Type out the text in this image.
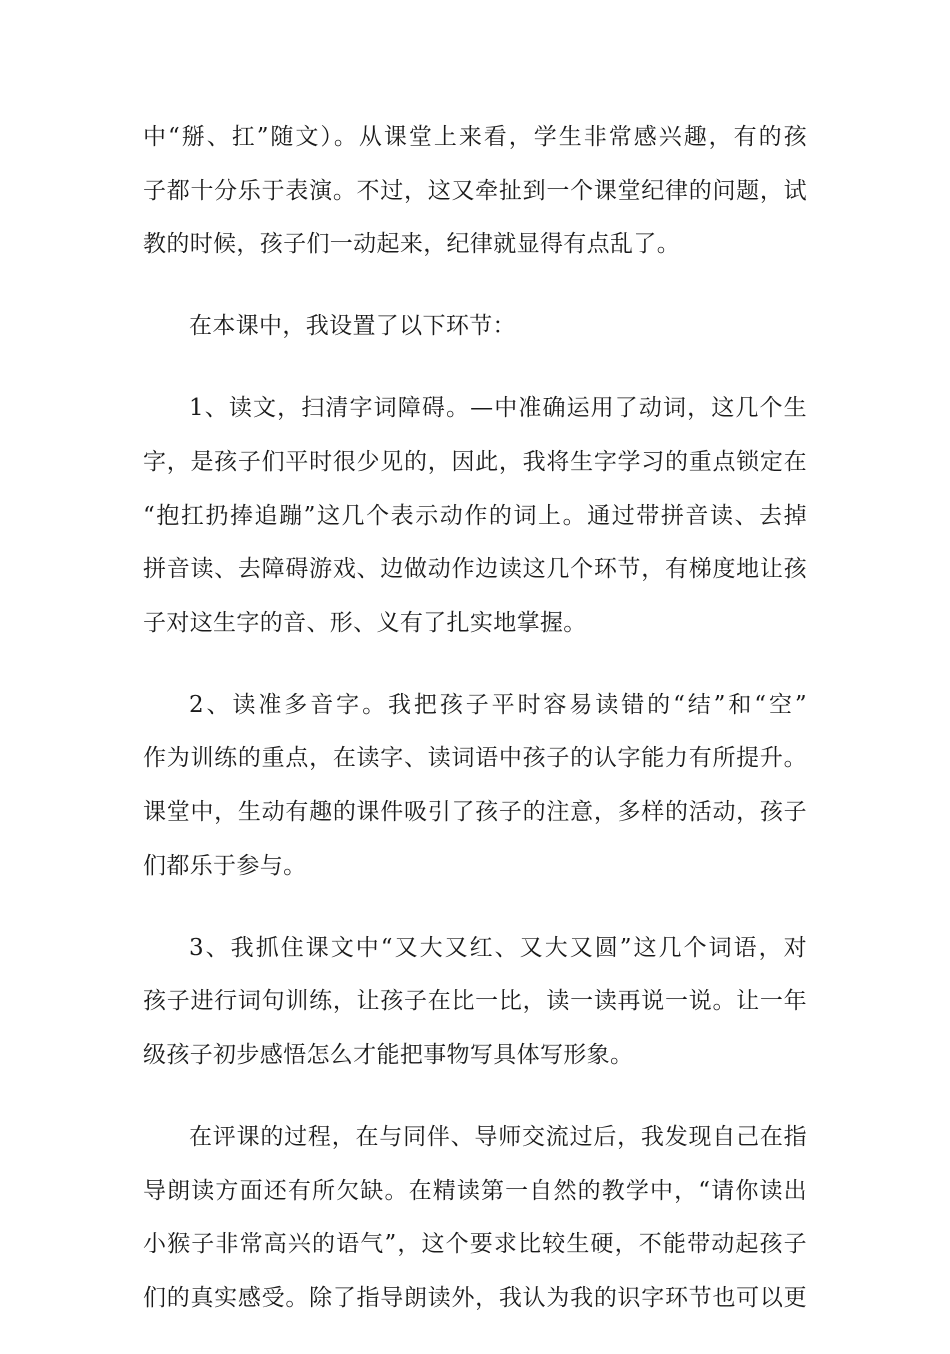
中“掰、扛”随文）。从课堂上来看，学生非常感兴趣，有的孩
子都十分乐于表演。不过，这又牵扯到一个课堂纪律的问题，试
教的时候，孩子们一动起来，纪律就显得有点乱了。
在本课中，我设置了以下环节：
1、读文，扫清字词障碍。—中准确运用了动词，这几个生
字，是孩子们平时很少见的，因此，我将生字学习的重点锁定在
“抱扛扔捧追蹦”这几个表示动作的词上。通过带拼音读、去掉
拼音读、去障碍游戏、边做动作边读这几个环节，有梯度地让孩
子对这生字的音、形、义有了扎实地掌握。
2、读准多音字。我把孩子平时容易读错的“结”和“空”
作为训练的重点，在读字、读词语中孩子的认字能力有所提升。
课堂中，生动有趣的课件吸引了孩子的注意，多样的活动，孩子
们都乐于参与。
3、我抓住课文中“又大又红、又大又圆”这几个词语，对
孩子进行词句训练，让孩子在比一比，读一读再说一说。让一年
级孩子初步感悟怎么才能把事物写具体写形象。
在评课的过程，在与同伴、导师交流过后，我发现自己在指
导朗读方面还有所欠缺。在精读第一自然的教学中，“请你读出
小猴子非常高兴的语气”，这个要求比较生硬，不能带动起孩子
们的真实感受。除了指导朗读外，我认为我的识字环节也可以更
